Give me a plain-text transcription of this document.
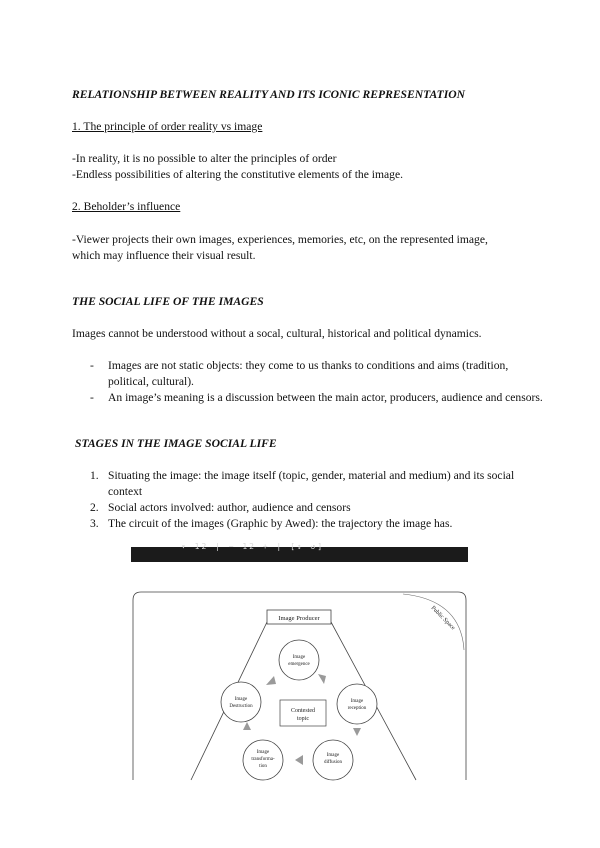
RELATIONSHIP BETWEEN REALITY AND ITS ICONIC REPRESENTATION
1. The principle of order reality vs image
-In reality, it is no possible to alter the principles of order
-Endless possibilities of altering the constitutive elements of the image.
2. Beholder’s influence
-Viewer projects their own images, experiences, memories, etc, on the represented image,
which may influence their visual result.
THE SOCIAL LIFE OF THE IMAGES
Images cannot be understood without a socal, cultural, historical and political dynamics.
-	Images are not static objects: they come to us thanks to conditions and aims (tradition, political, cultural).
-	An image’s meaning is a discussion between the main actor, producers, audience and censors.
STAGES IN THE IMAGE SOCIAL LIFE
1. Situating the image: the image itself (topic, gender, material and medium) and its social context
2. Social actors involved: author, audience and censors
3. The circuit of the images (Graphic by Awed): the trajectory the image has.
▾ 12 | − 12 + | [↕ ↺]
Image Producer	Public Space
Contested
topic
Image
emergence
Image
reception
Image
diffusion
Image
transforma-
tion
Image
Destruction
